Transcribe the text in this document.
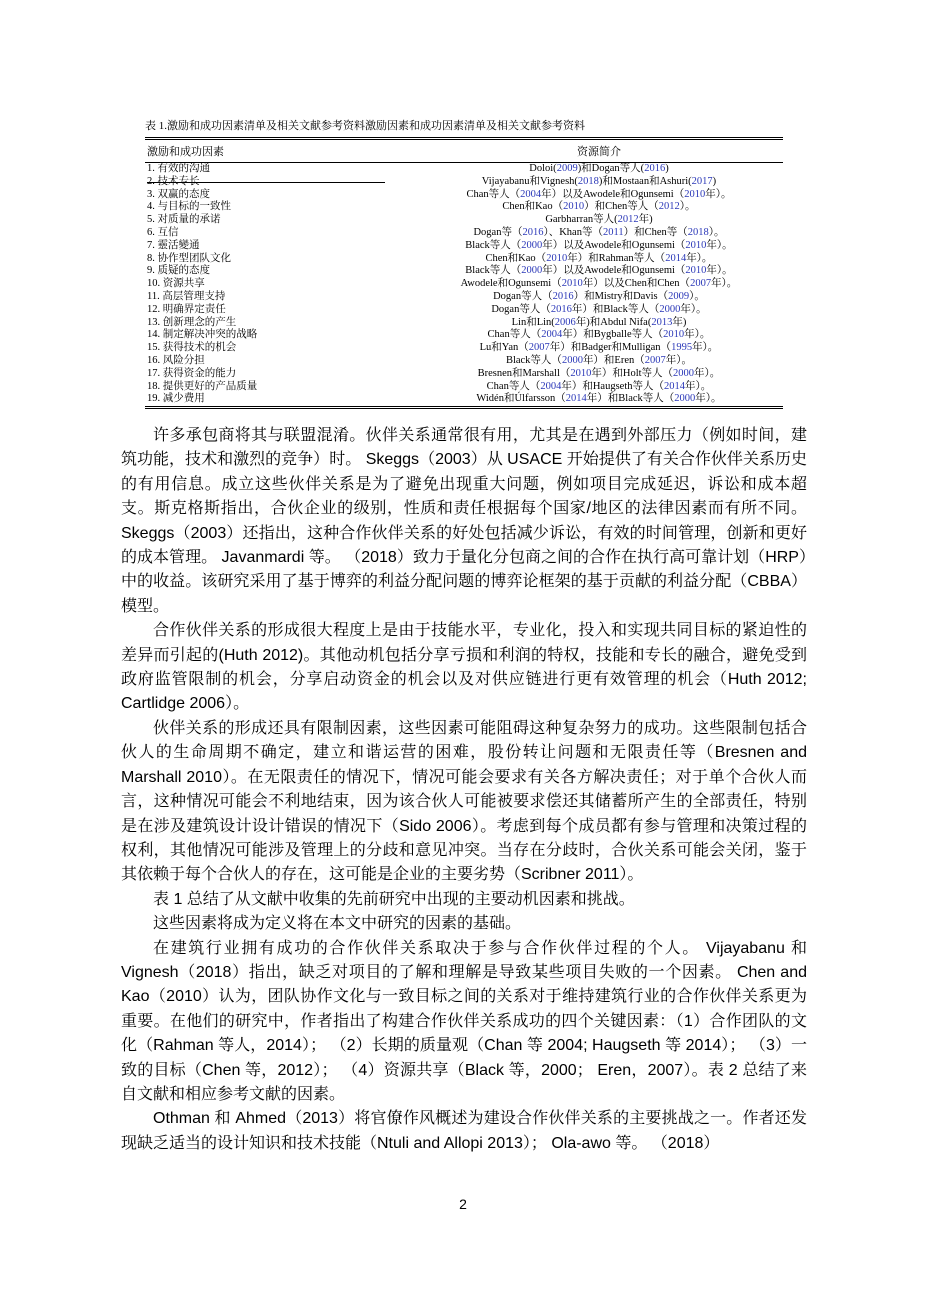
表 1.激励和成功因素清单及相关文献参考资料激励因素和成功因素清单及相关文献参考资料

激励和成功因素	资源简介
1. 有效的沟通	Doloi(2009)和Dogan等人(2016)
2. 技术专长	Vijayabanu和Vignesh(2018)和Mostaan和Ashuri(2017)
3. 双赢的态度	Chan等人（2004年）以及Awodele和Ogunsemi（2010年）。
4. 与目标的一致性	Chen和Kao（2010）和Chen等人（2012）。
5. 对质量的承诺	Garbharran等人(2012年)
6. 互信	Dogan等（2016）、Khan等（2011）和Chen等（2018）。
7. 靈活變通	Black等人（2000年）以及Awodele和Ogunsemi（2010年）。
8. 协作型团队文化	Chen和Kao（2010年）和Rahman等人（2014年）。
9. 质疑的态度	Black等人（2000年）以及Awodele和Ogunsemi（2010年）。
10. 资源共享	Awodele和Ogunsemi（2010年）以及Chen和Chen（2007年）。
11. 高层管理支持	Dogan等人（2016）和Mistry和Davis（2009）。
12. 明确界定责任	Dogan等人（2016年）和Black等人（2000年）。
13. 创新理念的产生	Lin和Lin(2006年)和Abdul Nifa(2013年)
14. 制定解决冲突的战略	Chan等人（2004年）和Bygballe等人（2010年）。
15. 获得技术的机会	Lu和Yan（2007年）和Badger和Mulligan（1995年）。
16. 风险分担	Black等人（2000年）和Eren（2007年）。
17. 获得资金的能力	Bresnen和Marshall（2010年）和Holt等人（2000年）。
18. 提供更好的产品质量	Chan等人（2004年）和Haugseth等人（2014年）。
19. 减少费用	Widén和Úlfarsson（2014年）和Black等人（2000年）。

许多承包商将其与联盟混淆。伙伴关系通常很有用，尤其是在遇到外部压力（例如时间，建筑功能，技术和激烈的竞争）时。 Skeggs（2003）从 USACE 开始提供了有关合作伙伴关系历史的有用信息。成立这些伙伴关系是为了避免出现重大问题，例如项目完成延迟，诉讼和成本超支。斯克格斯指出，合伙企业的级别，性质和责任根据每个国家/地区的法律因素而有所不同。 Skeggs（2003）还指出，这种合作伙伴关系的好处包括减少诉讼，有效的时间管理，创新和更好的成本管理。 Javanmardi 等。 （2018）致力于量化分包商之间的合作在执行高可靠计划（HRP）中的收益。该研究采用了基于博弈的利益分配问题的博弈论框架的基于贡献的利益分配（CBBA）模型。

合作伙伴关系的形成很大程度上是由于技能水平，专业化，投入和实现共同目标的紧迫性的差异而引起的(Huth 2012)。其他动机包括分享亏损和利润的特权，技能和专长的融合，避免受到政府监管限制的机会，分享启动资金的机会以及对供应链进行更有效管理的机会（Huth 2012; Cartlidge 2006）。

伙伴关系的形成还具有限制因素，这些因素可能阻碍这种复杂努力的成功。这些限制包括合伙人的生命周期不确定，建立和谐运营的困难，股份转让问题和无限责任等（Bresnen and Marshall 2010）。在无限责任的情况下，情况可能会要求有关各方解决责任；对于单个合伙人而言，这种情况可能会不利地结束，因为该合伙人可能被要求偿还其储蓄所产生的全部责任，特别是在涉及建筑设计设计错误的情况下（Sido 2006）。考虑到每个成员都有参与管理和决策过程的权利，其他情况可能涉及管理上的分歧和意见冲突。当存在分歧时，合伙关系可能会关闭，鉴于其依赖于每个合伙人的存在，这可能是企业的主要劣势（Scribner 2011）。

表 1 总结了从文献中收集的先前研究中出现的主要动机因素和挑战。

这些因素将成为定义将在本文中研究的因素的基础。

在建筑行业拥有成功的合作伙伴关系取决于参与合作伙伴过程的个人。 Vijayabanu 和 Vignesh（2018）指出，缺乏对项目的了解和理解是导致某些项目失败的一个因素。 Chen and Kao（2010）认为，团队协作文化与一致目标之间的关系对于维持建筑行业的合作伙伴关系更为重要。在他们的研究中，作者指出了构建合作伙伴关系成功的四个关键因素：（1）合作团队的文化（Rahman 等人，2014）； （2）长期的质量观（Chan 等 2004; Haugseth 等 2014）； （3）一致的目标（Chen 等，2012）； （4）资源共享（Black 等，2000； Eren，2007）。表 2 总结了来自文献和相应参考文献的因素。

Othman 和 Ahmed（2013）将官僚作风概述为建设合作伙伴关系的主要挑战之一。作者还发现缺乏适当的设计知识和技术技能（Ntuli and Allopi 2013）； Ola-awo 等。 （2018）

2
